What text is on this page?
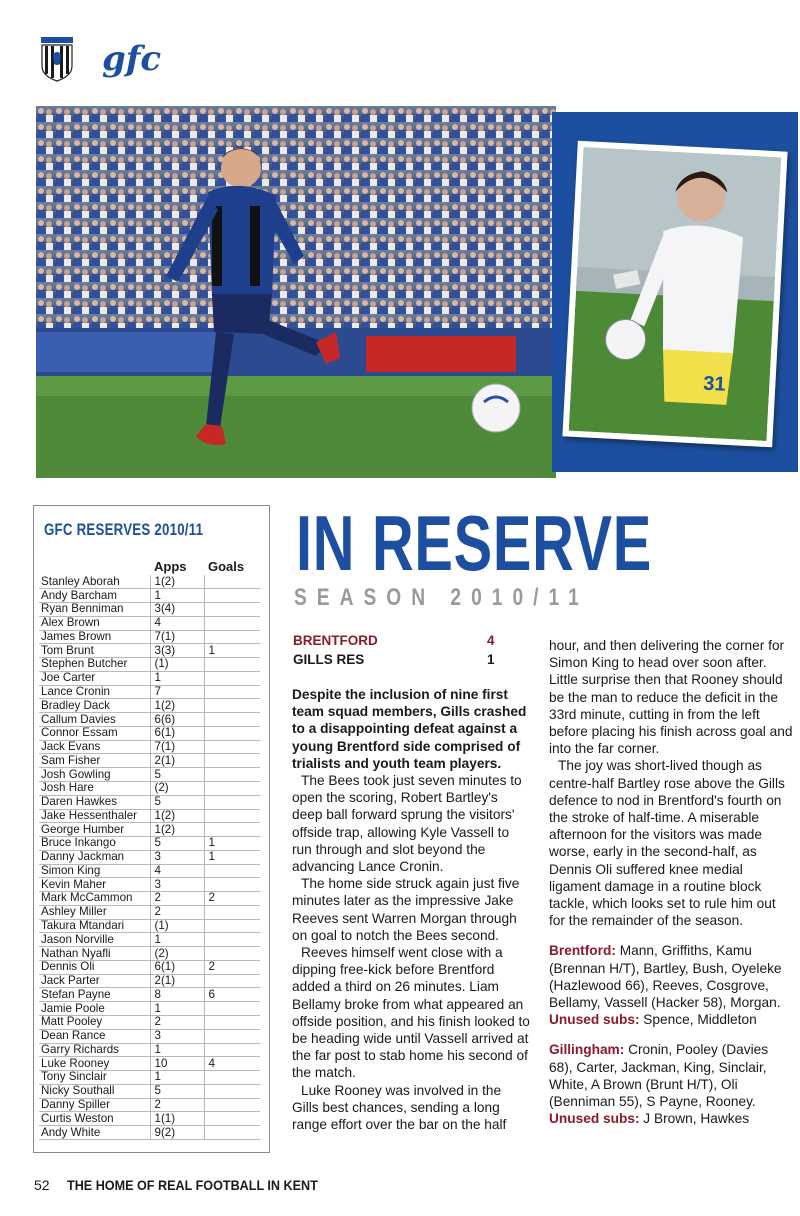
gfc
31
GFC RESERVES 2010/11
	Apps	Goals
Stanley Aborah	1(2)	
Andy Barcham	1	
Ryan Benniman	3(4)	
Alex Brown	4	
James Brown	7(1)	
Tom Brunt	3(3)	1
Stephen Butcher	(1)	
Joe Carter	1	
Lance Cronin	7	
Bradley Dack	1(2)	
Callum Davies	6(6)	
Connor Essam	6(1)	
Jack Evans	7(1)	
Sam Fisher	2(1)	
Josh Gowling	5	
Josh Hare	(2)	
Daren Hawkes	5	
Jake Hessenthaler	1(2)	
George Humber	1(2)	
Bruce Inkango	5	1
Danny Jackman	3	1
Simon King	4	
Kevin Maher	3	
Mark McCammon	2	2
Ashley Miller	2	
Takura Mtandari	(1)	
Jason Norville	1	
Nathan Nyafli	(2)	
Dennis Oli	6(1)	2
Jack Parter	2(1)	
Stefan Payne	8	6
Jamie Poole	1	
Matt Pooley	2	
Dean Rance	3	
Garry Richards	1	
Luke Rooney	10	4
Tony Sinclair	1	
Nicky Southall	5	
Danny Spiller	2	
Curtis Weston	1(1)	
Andy White	9(2)	
IN RESERVE
SEASON 2010/11
BRENTFORD	4
GILLS RES	1

Despite the inclusion of nine first team squad members, Gills crashed to a disappointing defeat against a young Brentford side comprised of trialists and youth team players.

The Bees took just seven minutes to open the scoring, Robert Bartley's deep ball forward sprung the visitors' offside trap, allowing Kyle Vassell to run through and slot beyond the advancing Lance Cronin.

The home side struck again just five minutes later as the impressive Jake Reeves sent Warren Morgan through on goal to notch the Bees second.

Reeves himself went close with a dipping free-kick before Brentford added a third on 26 minutes. Liam Bellamy broke from what appeared an offside position, and his finish looked to be heading wide until Vassell arrived at the far post to stab home his second of the match.

Luke Rooney was involved in the Gills best chances, sending a long range effort over the bar on the half

hour, and then delivering the corner for Simon King to head over soon after. Little surprise then that Rooney should be the man to reduce the deficit in the 33rd minute, cutting in from the left before placing his finish across goal and into the far corner.

The joy was short-lived though as centre-half Bartley rose above the Gills defence to nod in Brentford's fourth on the stroke of half-time. A miserable afternoon for the visitors was made worse, early in the second-half, as Dennis Oli suffered knee medial ligament damage in a routine block tackle, which looks set to rule him out for the remainder of the season.

Brentford: Mann, Griffiths, Kamu (Brennan H/T), Bartley, Bush, Oyeleke (Hazlewood 66), Reeves, Cosgrove, Bellamy, Vassell (Hacker 58), Morgan.
Unused subs: Spence, Middleton
Gillingham: Cronin, Pooley (Davies 68), Carter, Jackman, King, Sinclair, White, A Brown (Brunt H/T), Oli (Benniman 55), S Payne, Rooney.
Unused subs: J Brown, Hawkes
52 THE HOME OF REAL FOOTBALL IN KENT
